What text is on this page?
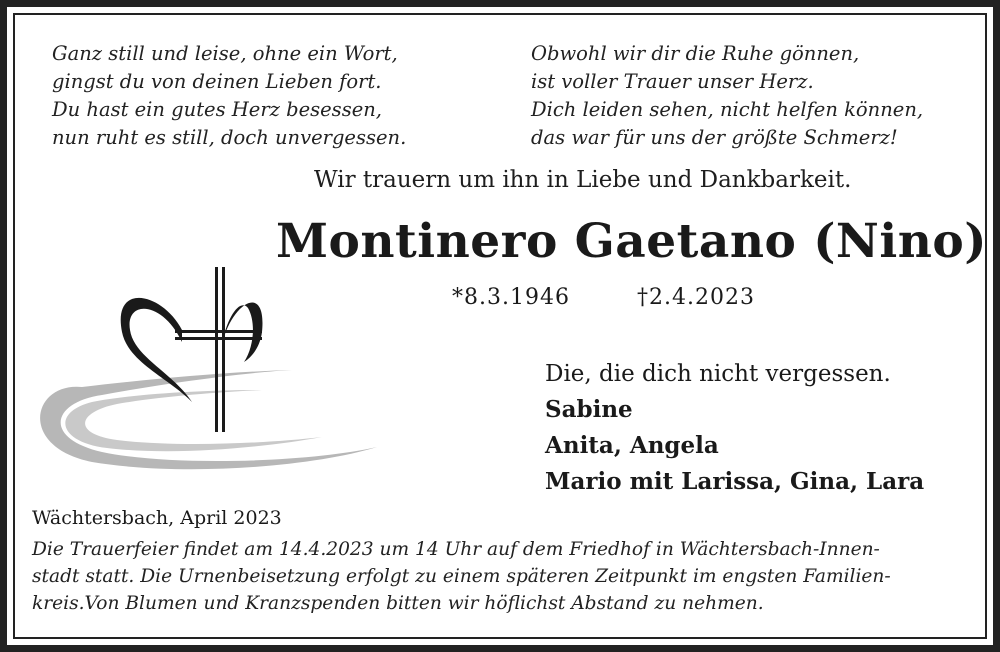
Ganz still und leise, ohne ein Wort,
gingst du von deinen Lieben fort.
Du hast ein gutes Herz besessen,
nun ruht es still, doch unvergessen.
Obwohl wir dir die Ruhe gönnen,
ist voller Trauer unser Herz.
Dich leiden sehen, nicht helfen können,
das war für uns der größte Schmerz!
Wir trauern um ihn in Liebe und Dankbarkeit.
Montinero Gaetano (Nino)
*8.3.1946	†2.4.2023
Die, die dich nicht vergessen.
Sabine
Anita, Angela
Mario mit Larissa, Gina, Lara
Wächtersbach, April 2023
Die Trauerfeier findet am 14.4.2023 um 14 Uhr auf dem Friedhof in Wächtersbach-Innen-
stadt statt. Die Urnenbeisetzung erfolgt zu einem späteren Zeitpunkt im engsten Familien-
kreis.Von Blumen und Kranzspenden bitten wir höflichst Abstand zu nehmen.
